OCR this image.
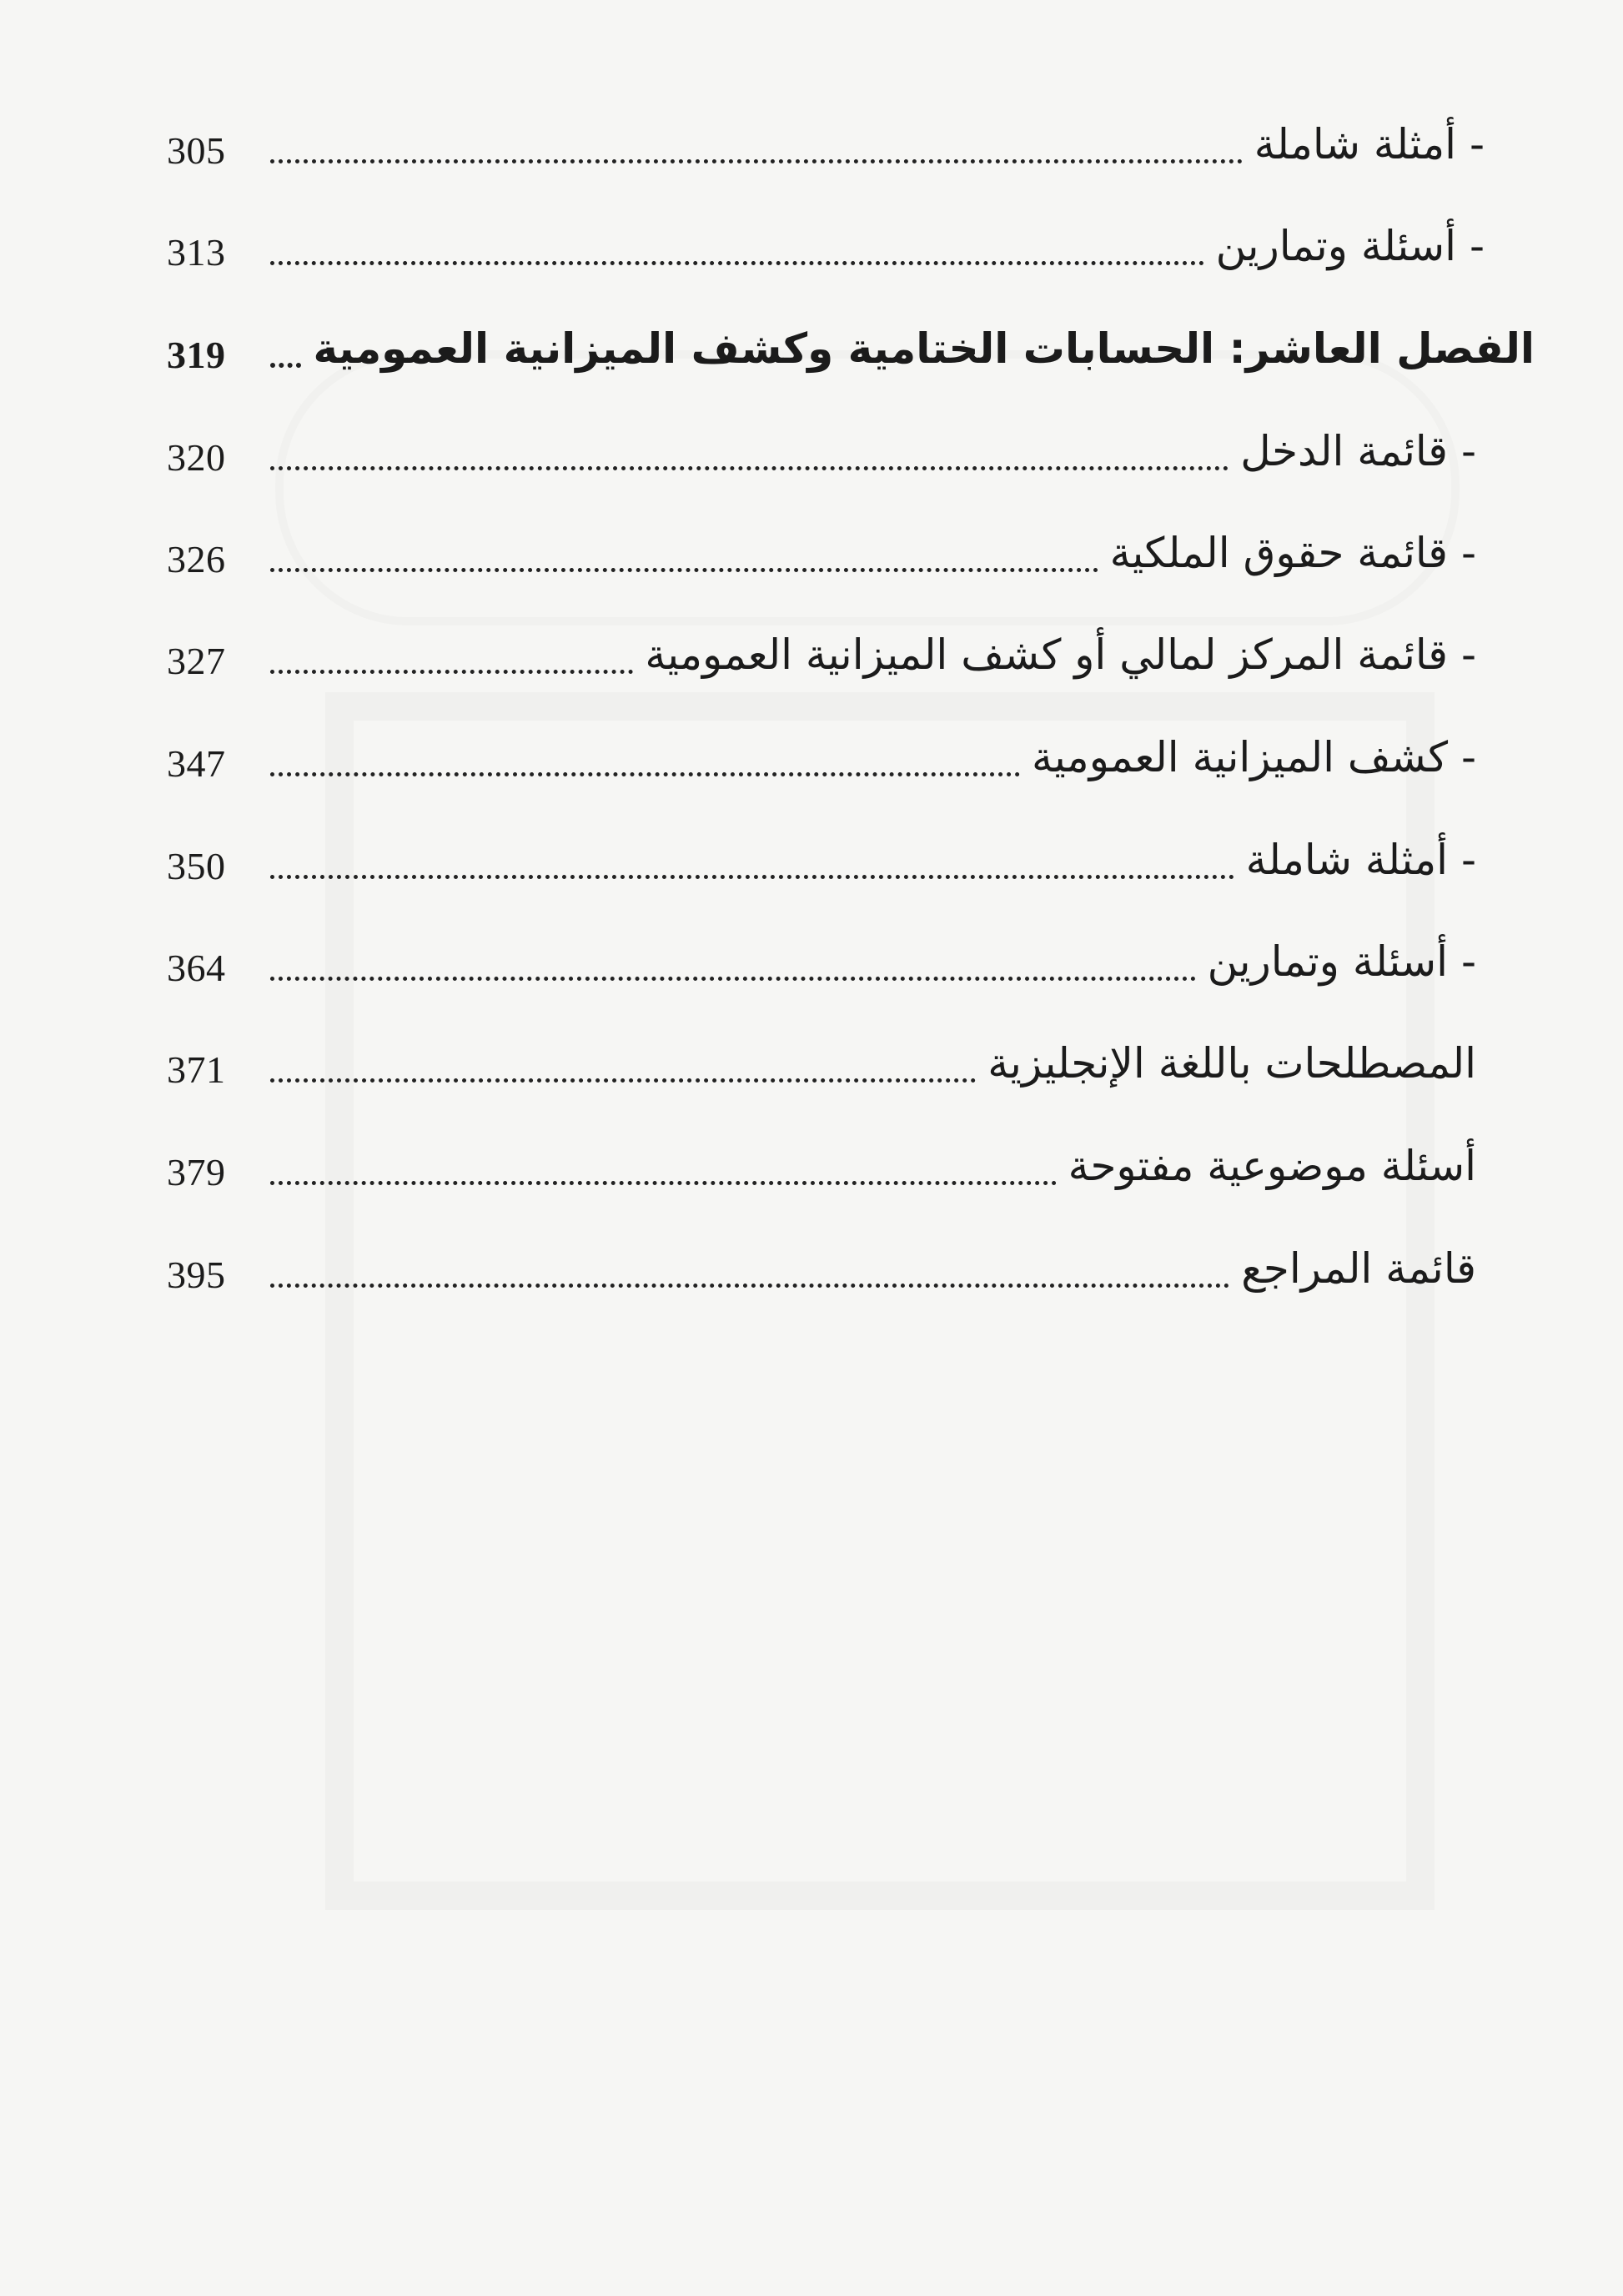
305	- أمثلة شاملة
313	- أسئلة وتمارين
319	الفصل العاشر: الحسابات الختامية وكشف الميزانية العمومية
320	- قائمة الدخل
326	- قائمة حقوق الملكية
327	- قائمة المركز لمالي أو كشف الميزانية العمومية
347	- كشف الميزانية العمومية
350	- أمثلة شاملة
364	- أسئلة وتمارين
371	المصطلحات باللغة الإنجليزية
379	أسئلة موضوعية مفتوحة
395	قائمة المراجع
